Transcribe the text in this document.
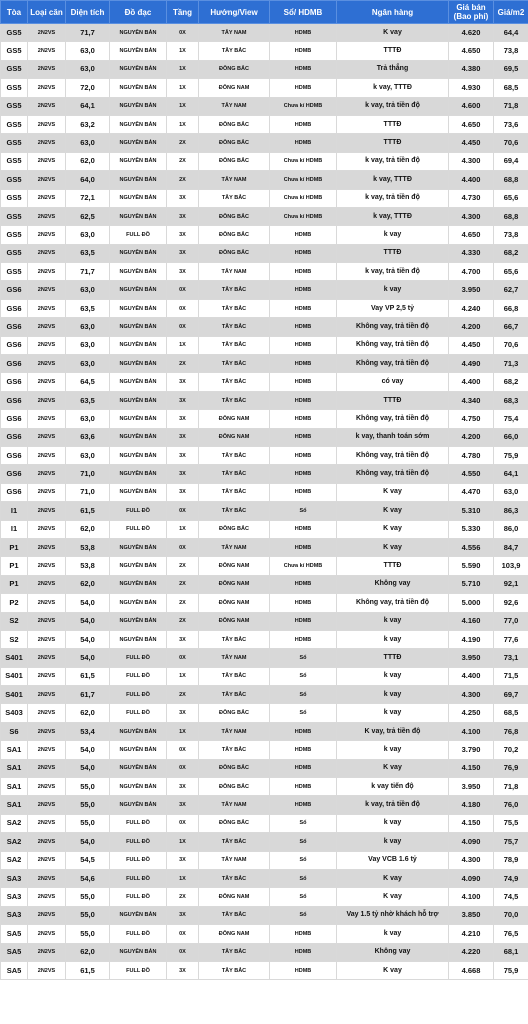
Tòa	Loại căn	Diện tích	Đồ đạc	Tầng	Hướng/View	Sổ/ HDMB	Ngân hàng	Giá bán (Bao phí)	Giá/m2
GS5	2N2VS	71,7	NGUYÊN BẢN	0X	TÂY NAM	HDMB	K vay	4.620	64,4
GS5	2N2VS	63,0	NGUYÊN BẢN	1X	TÂY BẮC	HDMB	TTTĐ	4.650	73,8
GS5	2N2VS	63,0	NGUYÊN BẢN	1X	ĐÔNG BẮC	HDMB	Trả thẳng	4.380	69,5
GS5	2N2VS	72,0	NGUYÊN BẢN	1X	ĐÔNG NAM	HDMB	k vay, TTTĐ	4.930	68,5
GS5	2N2VS	64,1	NGUYÊN BẢN	1X	TÂY NAM	Chưa kí HDMB	k vay, trả tiền độ	4.600	71,8
GS5	2N2VS	63,2	NGUYÊN BẢN	1X	ĐÔNG BẮC	HDMB	TTTĐ	4.650	73,6
GS5	2N2VS	63,0	NGUYÊN BẢN	2X	ĐÔNG BẮC	HDMB	TTTĐ	4.450	70,6
GS5	2N2VS	62,0	NGUYÊN BẢN	2X	ĐÔNG BẮC	Chưa kí HDMB	k vay, trả tiền độ	4.300	69,4
GS5	2N2VS	64,0	NGUYÊN BẢN	2X	TÂY NAM	Chưa kí HDMB	k vay, TTTĐ	4.400	68,8
GS5	2N2VS	72,1	NGUYÊN BẢN	3X	TÂY BẮC	Chưa kí HDMB	k vay, trả tiền độ	4.730	65,6
GS5	2N2VS	62,5	NGUYÊN BẢN	3X	ĐÔNG BẮC	Chưa kí HDMB	k vay, TTTĐ	4.300	68,8
GS5	2N2VS	63,0	FULL ĐỒ	3X	ĐÔNG BẮC	HDMB	k vay	4.650	73,8
GS5	2N2VS	63,5	NGUYÊN BẢN	3X	ĐÔNG BẮC	HDMB	TTTĐ	4.330	68,2
GS5	2N2VS	71,7	NGUYÊN BẢN	3X	TÂY NAM	HDMB	k vay, trả tiền độ	4.700	65,6
GS6	2N2VS	63,0	NGUYÊN BẢN	0X	TÂY BẮC	HDMB	k vay	3.950	62,7
GS6	2N2VS	63,5	NGUYÊN BẢN	0X	TÂY BẮC	HDMB	Vay VP 2,5 tỷ	4.240	66,8
GS6	2N2VS	63,0	NGUYÊN BẢN	0X	TÂY BẮC	HDMB	Không vay, trả tiền độ	4.200	66,7
GS6	2N2VS	63,0	NGUYÊN BẢN	1X	TÂY BẮC	HDMB	Không vay, trả tiền độ	4.450	70,6
GS6	2N2VS	63,0	NGUYÊN BẢN	2X	TÂY BẮC	HDMB	Không vay, trả tiền độ	4.490	71,3
GS6	2N2VS	64,5	NGUYÊN BẢN	3X	TÂY BẮC	HDMB	có vay	4.400	68,2
GS6	2N2VS	63,5	NGUYÊN BẢN	3X	TÂY BẮC	HDMB	TTTĐ	4.340	68,3
GS6	2N2VS	63,0	NGUYÊN BẢN	3X	ĐÔNG NAM	HDMB	Không vay, trả tiền độ	4.750	75,4
GS6	2N2VS	63,6	NGUYÊN BẢN	3X	ĐÔNG NAM	HDMB	k vay, thanh toán sớm	4.200	66,0
GS6	2N2VS	63,0	NGUYÊN BẢN	3X	TÂY BẮC	HDMB	Không vay, trả tiền độ	4.780	75,9
GS6	2N2VS	71,0	NGUYÊN BẢN	3X	TÂY BẮC	HDMB	Không vay, trả tiền độ	4.550	64,1
GS6	2N2VS	71,0	NGUYÊN BẢN	3X	TÂY BẮC	HDMB	K vay	4.470	63,0
I1	2N2VS	61,5	FULL ĐỒ	0X	TÂY BẮC	Sổ	K vay	5.310	86,3
I1	2N2VS	62,0	FULL ĐỒ	1X	ĐÔNG BẮC	HDMB	K vay	5.330	86,0
P1	2N2VS	53,8	NGUYÊN BẢN	0X	TÂY NAM	HDMB	K vay	4.556	84,7
P1	2N2VS	53,8	NGUYÊN BẢN	2X	ĐÔNG NAM	Chưa kí HDMB	TTTĐ	5.590	103,9
P1	2N2VS	62,0	NGUYÊN BẢN	2X	ĐÔNG NAM	HDMB	Không vay	5.710	92,1
P2	2N2VS	54,0	NGUYÊN BẢN	2X	ĐÔNG NAM	HDMB	Không vay, trả tiền độ	5.000	92,6
S2	2N2VS	54,0	NGUYÊN BẢN	2X	ĐÔNG NAM	HDMB	k vay	4.160	77,0
S2	2N2VS	54,0	NGUYÊN BẢN	3X	TÂY BẮC	HDMB	k vay	4.190	77,6
S401	2N2VS	54,0	FULL ĐỒ	0X	TÂY NAM	Sổ	TTTĐ	3.950	73,1
S401	2N2VS	61,5	FULL ĐỒ	1X	TÂY BẮC	Sổ	k vay	4.400	71,5
S401	2N2VS	61,7	FULL ĐỒ	2X	TÂY BẮC	Sổ	k vay	4.300	69,7
S403	2N2VS	62,0	FULL ĐỒ	3X	ĐÔNG BẮC	Sổ	k vay	4.250	68,5
S6	2N2VS	53,4	NGUYÊN BẢN	1X	TÂY NAM	HDMB	K vay, trả tiền độ	4.100	76,8
SA1	2N2VS	54,0	NGUYÊN BẢN	0X	TÂY BẮC	HDMB	k vay	3.790	70,2
SA1	2N2VS	54,0	NGUYÊN BẢN	0X	ĐÔNG BẮC	HDMB	K vay	4.150	76,9
SA1	2N2VS	55,0	NGUYÊN BẢN	3X	ĐÔNG BẮC	HDMB	k vay tiến độ	3.950	71,8
SA1	2N2VS	55,0	NGUYÊN BẢN	3X	TÂY NAM	HDMB	k vay, trả tiền độ	4.180	76,0
SA2	2N2VS	55,0	FULL ĐỒ	0X	ĐÔNG BẮC	Sổ	k vay	4.150	75,5
SA2	2N2VS	54,0	FULL ĐỒ	1X	TÂY BẮC	Sổ	k vay	4.090	75,7
SA2	2N2VS	54,5	FULL ĐỒ	3X	TÂY NAM	Sổ	Vay VCB 1.6 tỷ	4.300	78,9
SA3	2N2VS	54,6	FULL ĐỒ	1X	TÂY BẮC	Sổ	K vay	4.090	74,9
SA3	2N2VS	55,0	FULL ĐỒ	2X	ĐÔNG NAM	Sổ	K vay	4.100	74,5
SA3	2N2VS	55,0	NGUYÊN BẢN	3X	TÂY BẮC	Sổ	Vay 1.5 tỷ nhờ khách hỗ trợ	3.850	70,0
SA5	2N2VS	55,0	FULL ĐỒ	0X	ĐÔNG NAM	HDMB	k vay	4.210	76,5
SA5	2N2VS	62,0	NGUYÊN BẢN	0X	TÂY BẮC	HDMB	Không vay	4.220	68,1
SA5	2N2VS	61,5	FULL ĐỒ	3X	TÂY BẮC	HDMB	K vay	4.668	75,9
